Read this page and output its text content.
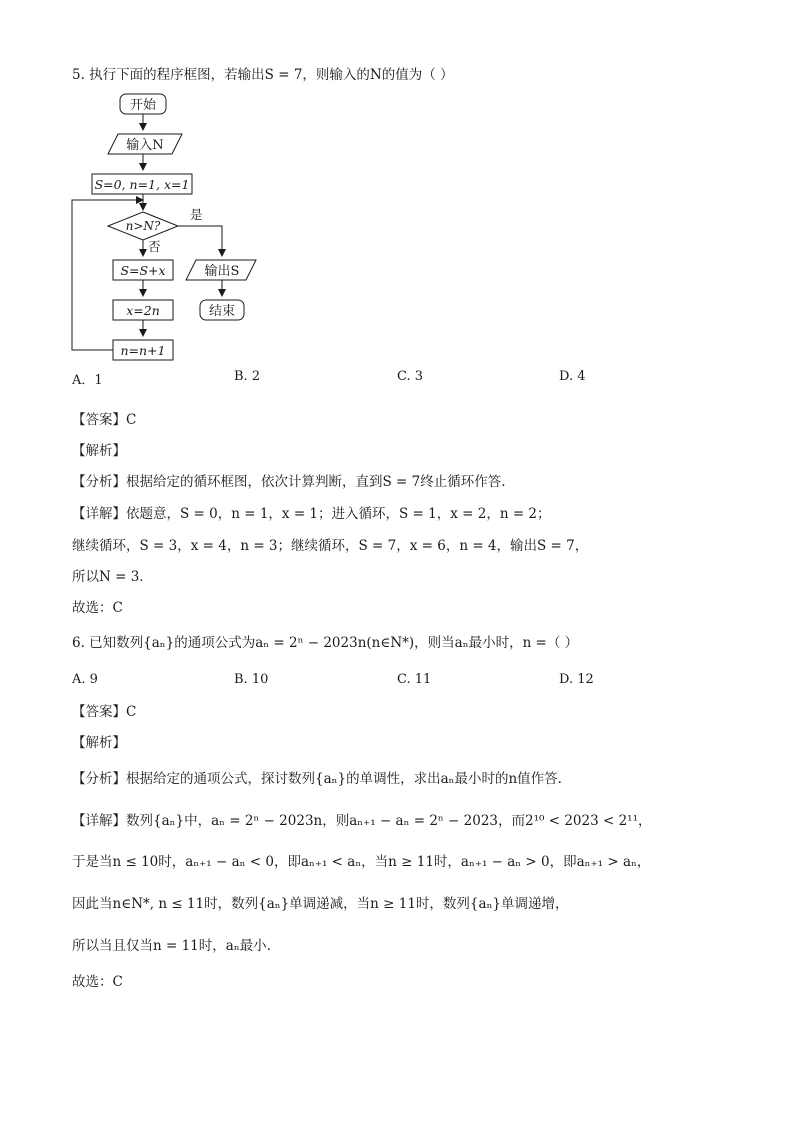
5. 执行下面的程序框图，若输出S = 7，则输入的N的值为（ ）
开始
输入N
S=0, n=1, x=1
n>N?
是
否
S=S+x
x=2n
n=n+1
输出S
结束
A．1	B. 2	C. 3	D. 4
【答案】C
【解析】
【分析】根据给定的循环框图，依次计算判断，直到S = 7终止循环作答.
【详解】依题意，S = 0，n = 1，x = 1；进入循环，S = 1，x = 2，n = 2；
继续循环，S = 3，x = 4，n = 3；继续循环，S = 7，x = 6，n = 4，输出S = 7，
所以N = 3．
故选：C
6. 已知数列{aₙ}的通项公式为aₙ = 2ⁿ − 2023n(n∈N*)，则当aₙ最小时，n =（ ）
A. 9	B. 10	C. 11	D. 12
【答案】C
【解析】
【分析】根据给定的通项公式，探讨数列{aₙ}的单调性，求出aₙ最小时的n值作答.
【详解】数列{aₙ}中，aₙ = 2ⁿ − 2023n，则aₙ₊₁ − aₙ = 2ⁿ − 2023，而2¹⁰ < 2023 < 2¹¹，
于是当n ≤ 10时，aₙ₊₁ − aₙ < 0，即aₙ₊₁ < aₙ，当n ≥ 11时，aₙ₊₁ − aₙ > 0，即aₙ₊₁ > aₙ，
因此当n∈N*, n ≤ 11时，数列{aₙ}单调递减，当n ≥ 11时，数列{aₙ}单调递增，
所以当且仅当n = 11时，aₙ最小.
故选：C
